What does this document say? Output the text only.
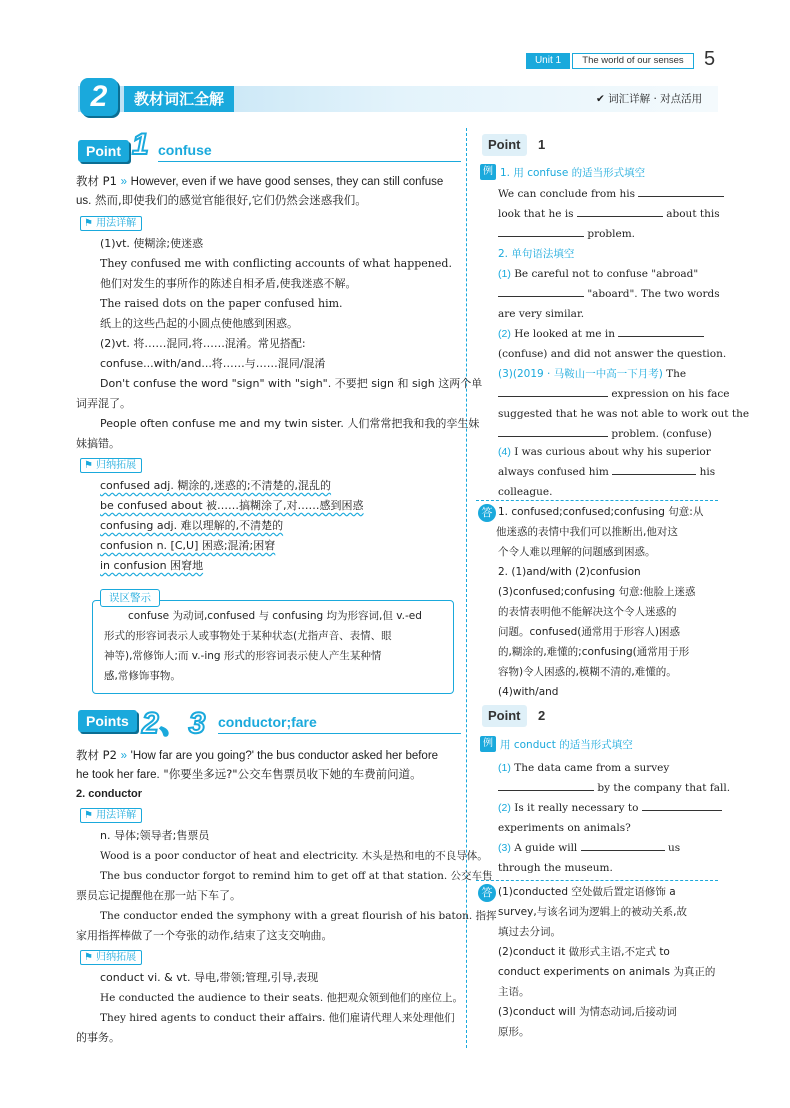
Unit 1	The world of our senses	5
2	教材词汇全解	✔ 词汇详解 · 对点活用
Point 1 confuse
教材 P1 » However, even if we have good senses, they can still confuse
us. 然而,即使我们的感觉官能很好,它们仍然会迷惑我们。
⚑ 用法详解
(1)vt. 使糊涂;使迷惑
They confused me with conflicting accounts of what happened.
他们对发生的事所作的陈述自相矛盾,使我迷惑不解。
The raised dots on the paper confused him.
纸上的这些凸起的小圆点使他感到困惑。
(2)vt. 将……混同,将……混淆。常见搭配:
confuse...with/and...将……与……混同/混淆
Don't confuse the word "sign" with "sigh". 不要把 sign 和 sigh 这两个单
词弄混了。
People often confuse me and my twin sister. 人们常常把我和我的孪生妹
妹搞错。
⚑ 归纳拓展
confused adj. 糊涂的,迷惑的;不清楚的,混乱的
be confused about 被……搞糊涂了,对……感到困惑
confusing adj. 难以理解的,不清楚的
confusion n. [C,U] 困惑;混淆;困窘
in confusion 困窘地
误区警示
confuse 为动词,confused 与 confusing 均为形容词,但 v.-ed
形式的形容词表示人或事物处于某种状态(尤指声音、表情、眼
神等),常修饰人;而 v.-ing 形式的形容词表示使人产生某种情
感,常修饰事物。
Points 2、3 conductor;fare
教材 P2 » 'How far are you going?' the bus conductor asked her before
he took her fare. "你要坐多远?"公交车售票员收下她的车费前问道。
2. conductor
⚑ 用法详解
n. 导体;领导者;售票员
Wood is a poor conductor of heat and electricity. 木头是热和电的不良导体。
The bus conductor forgot to remind him to get off at that station. 公交车售
票员忘记提醒他在那一站下车了。
The conductor ended the symphony with a great flourish of his baton. 指挥
家用指挥棒做了一个夸张的动作,结束了这支交响曲。
⚑ 归纳拓展
conduct vi. & vt. 导电,带领;管理,引导,表现
He conducted the audience to their seats. 他把观众领到他们的座位上。
They hired agents to conduct their affairs. 他们雇请代理人来处理他们
的事务。
Point	1
例 1. 用 confuse 的适当形式填空
We can conclude from his
look that he is	about this
problem.
2. 单句语法填空
(1) Be careful not to confuse "abroad"
"aboard". The two words
are very similar.
(2) He looked at me in
(confuse) and did not answer the question.
(3)(2019 · 马鞍山一中高一下月考) The
expression on his face
suggested that he was not able to work out the
problem. (confuse)
(4) I was curious about why his superior
always confused him	his
colleague.
答 1. confused;confused;confusing 句意:从
他迷惑的表情中我们可以推断出,他对这
个令人难以理解的问题感到困惑。
2. (1)and/with (2)confusion
(3)confused;confusing 句意:他脸上迷惑
的表情表明他不能解决这个令人迷惑的
问题。confused(通常用于形容人)困惑
的,糊涂的,难懂的;confusing(通常用于形
容物)令人困惑的,模糊不清的,难懂的。
(4)with/and
Point	2
例 用 conduct 的适当形式填空
(1) The data came from a survey
by the company that fall.
(2) Is it really necessary to
experiments on animals?
(3) A guide will	us
through the museum.
答 (1)conducted 空处做后置定语修饰 a
survey,与该名词为逻辑上的被动关系,故
填过去分词。
(2)conduct it 做形式主语,不定式 to
conduct experiments on animals 为真正的
主语。
(3)conduct will 为情态动词,后接动词
原形。
